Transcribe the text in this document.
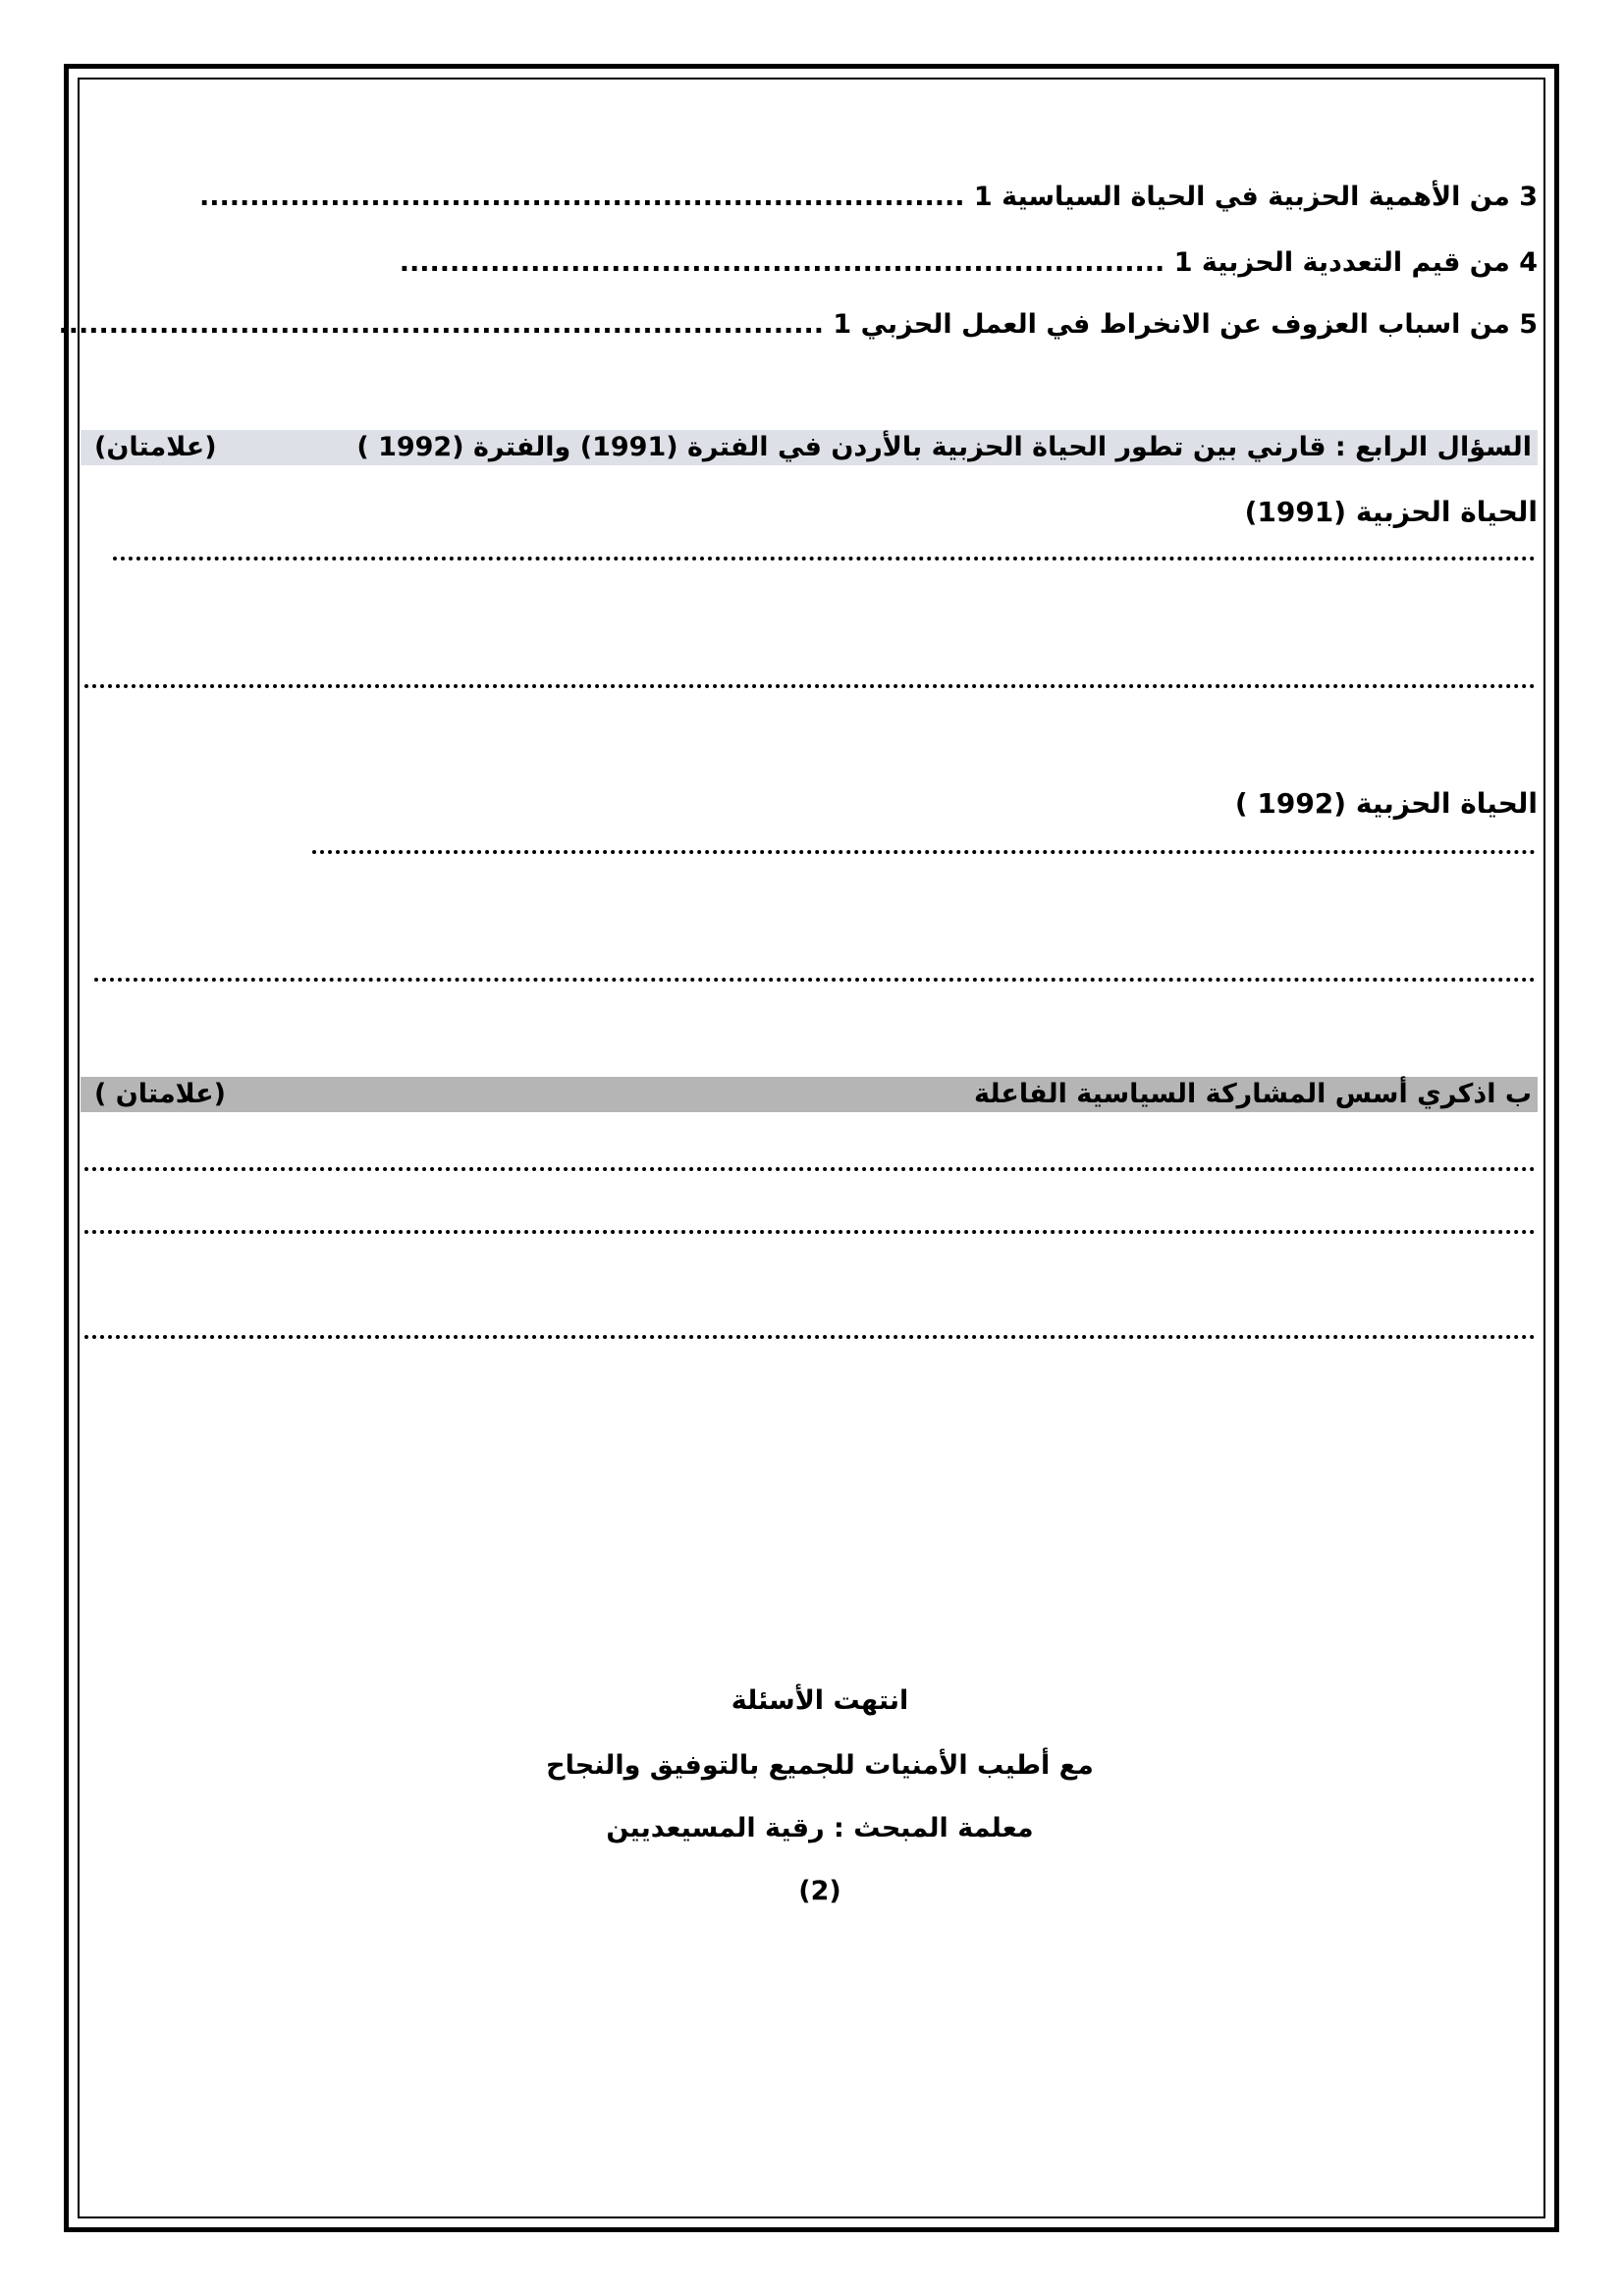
3 من الأهمية الحزبية في الحياة السياسية 1 ............................................................................
4 من قيم التعددية الحزبية 1 ............................................................................
5 من اسباب العزوف عن الانخراط في العمل الحزبي 1 ............................................................................
السؤال الرابع : قارني بين تطور الحياة الحزبية بالأردن في الفترة (1991) والفترة (1992 )
(علامتان)
الحياة الحزبية (1991)
الحياة الحزبية (1992 )
ب اذكري أسس المشاركة السياسية الفاعلة
(علامتان )
انتهت الأسئلة
مع أطيب الأمنيات للجميع بالتوفيق والنجاح
معلمة المبحث : رقية المسيعديين
(2)
